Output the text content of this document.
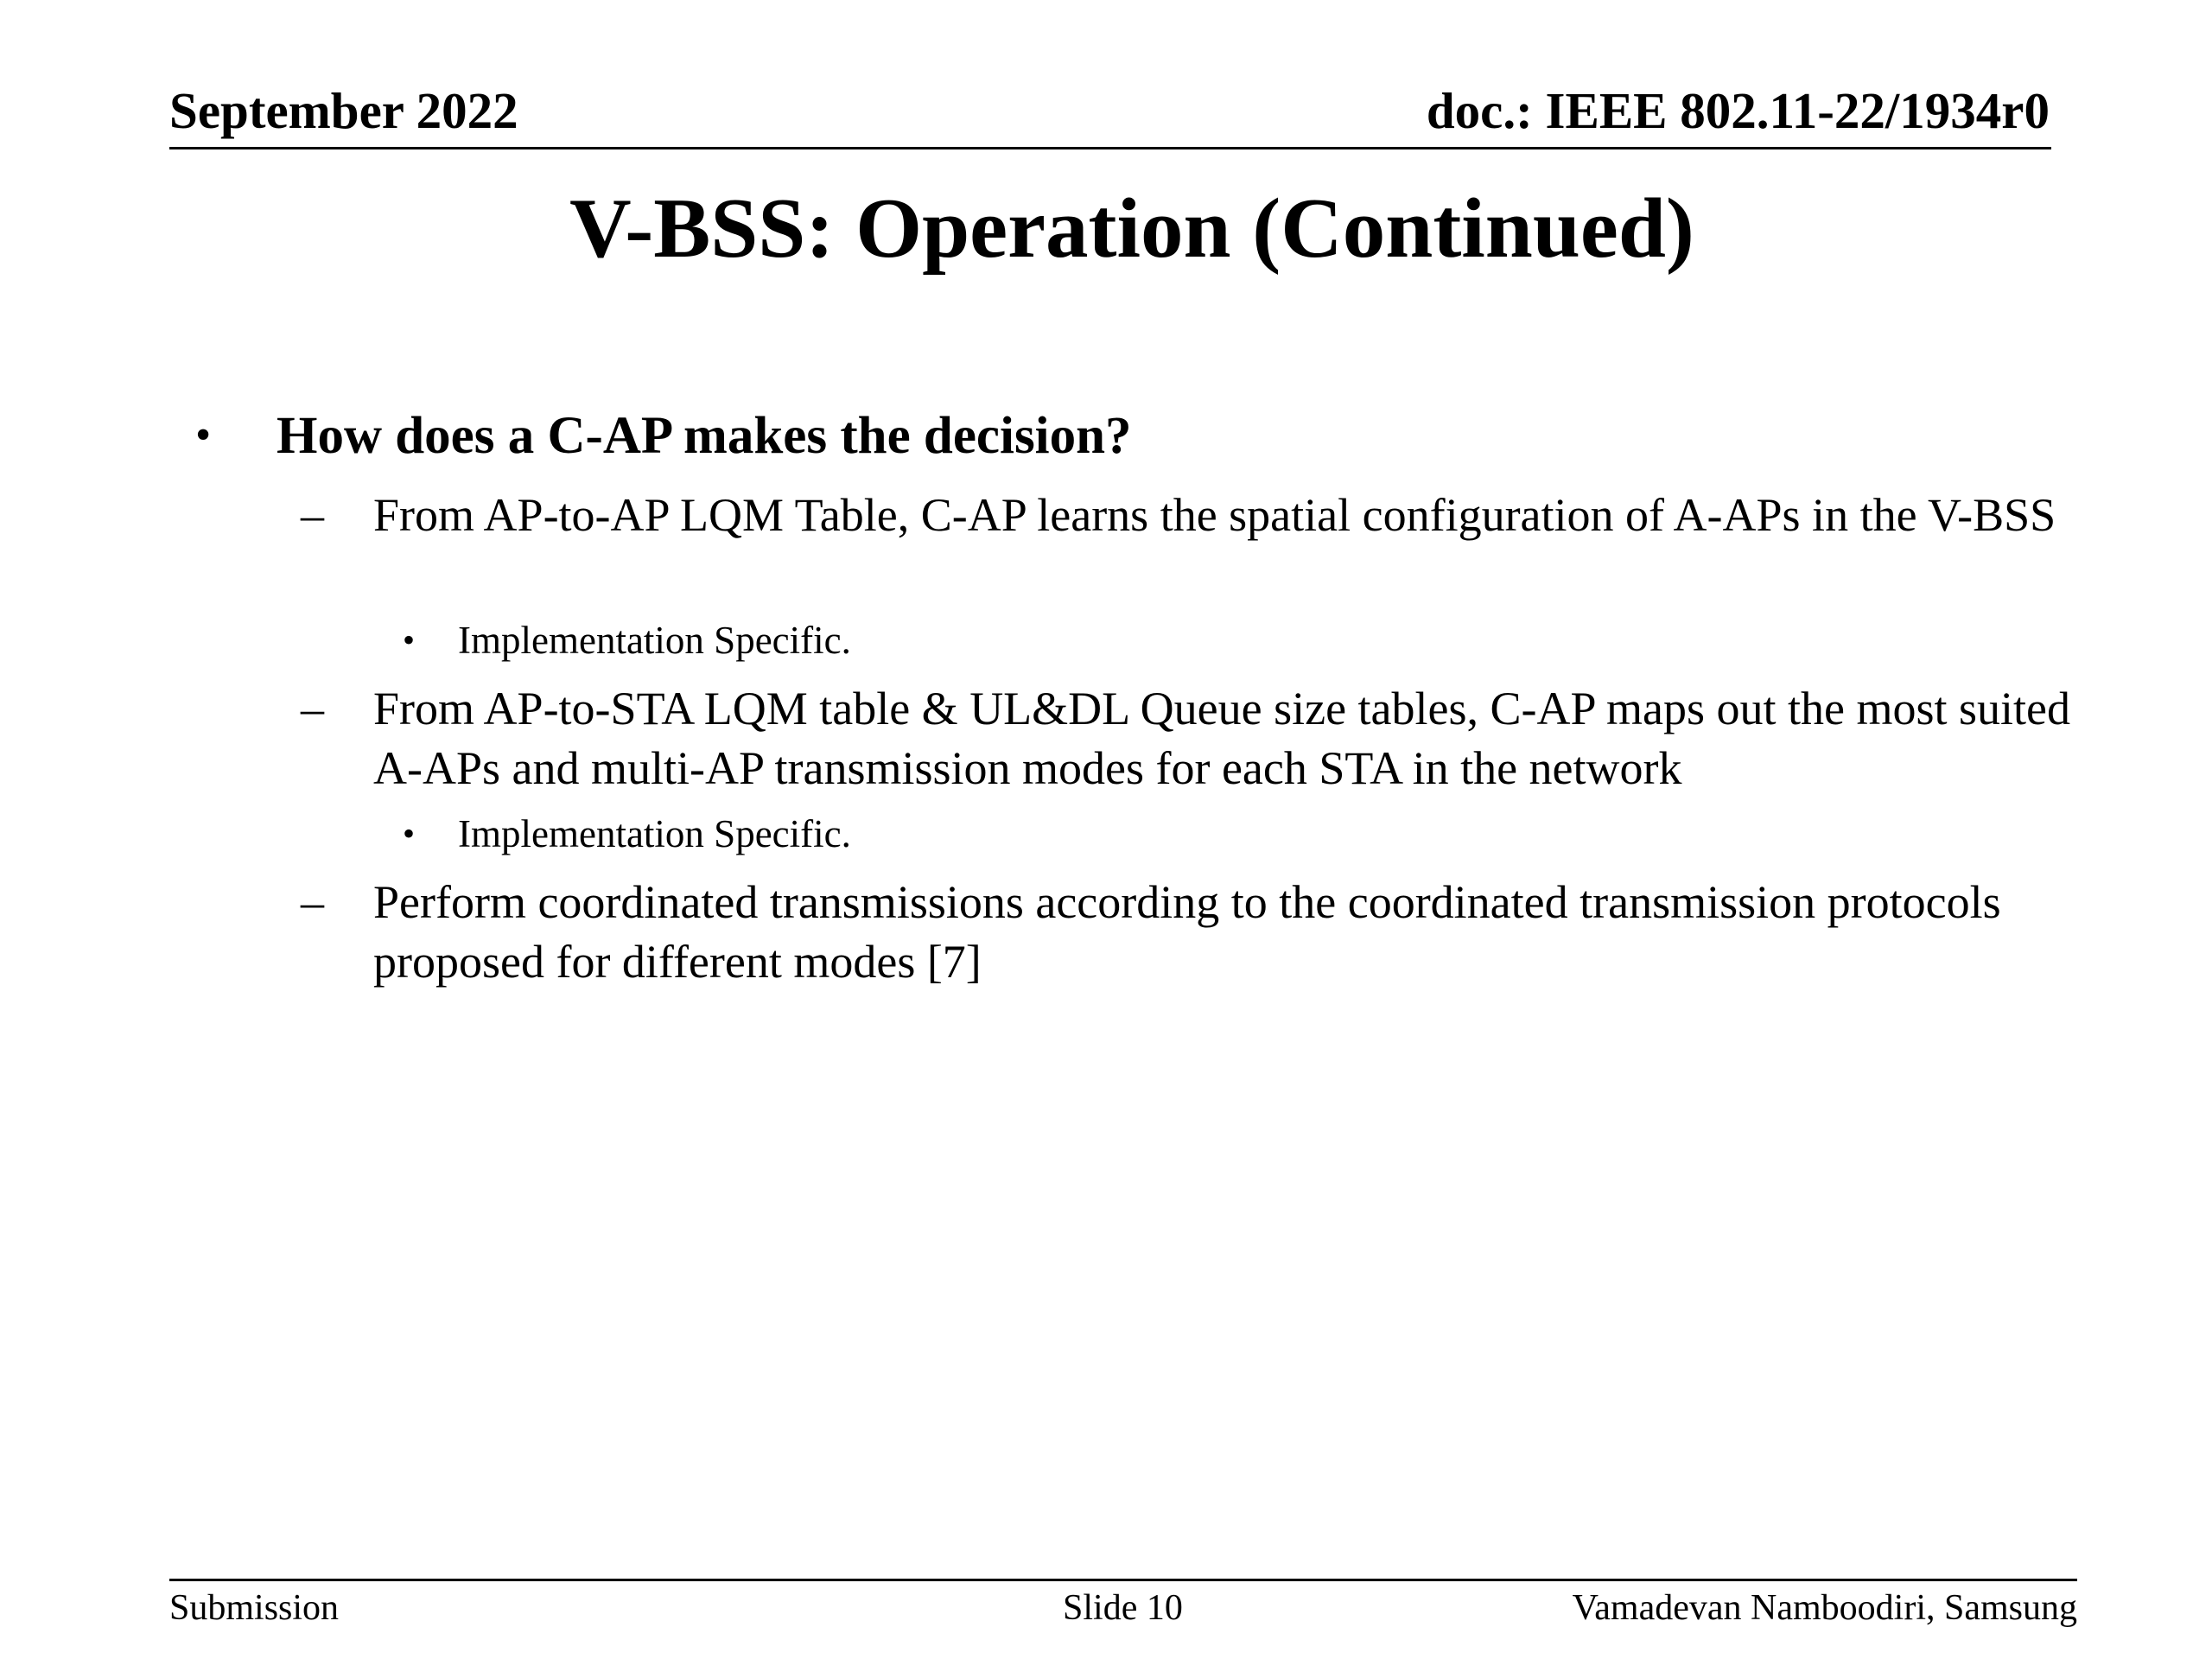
September 2022	doc.: IEEE 802.11-22/1934r0
V-BSS: Operation (Continued)
• How does a C-AP makes the decision?
– From AP-to-AP LQM Table, C-AP learns the spatial configuration of A-APs in the V-BSS
• Implementation Specific.
– From AP-to-STA LQM table & UL&DL Queue size tables, C-AP maps out the most suited A-APs and multi-AP transmission modes for each STA in the network
• Implementation Specific.
– Perform coordinated transmissions according to the coordinated transmission protocols proposed for different modes [7]
Submission	Slide 10	Vamadevan Namboodiri, Samsung
